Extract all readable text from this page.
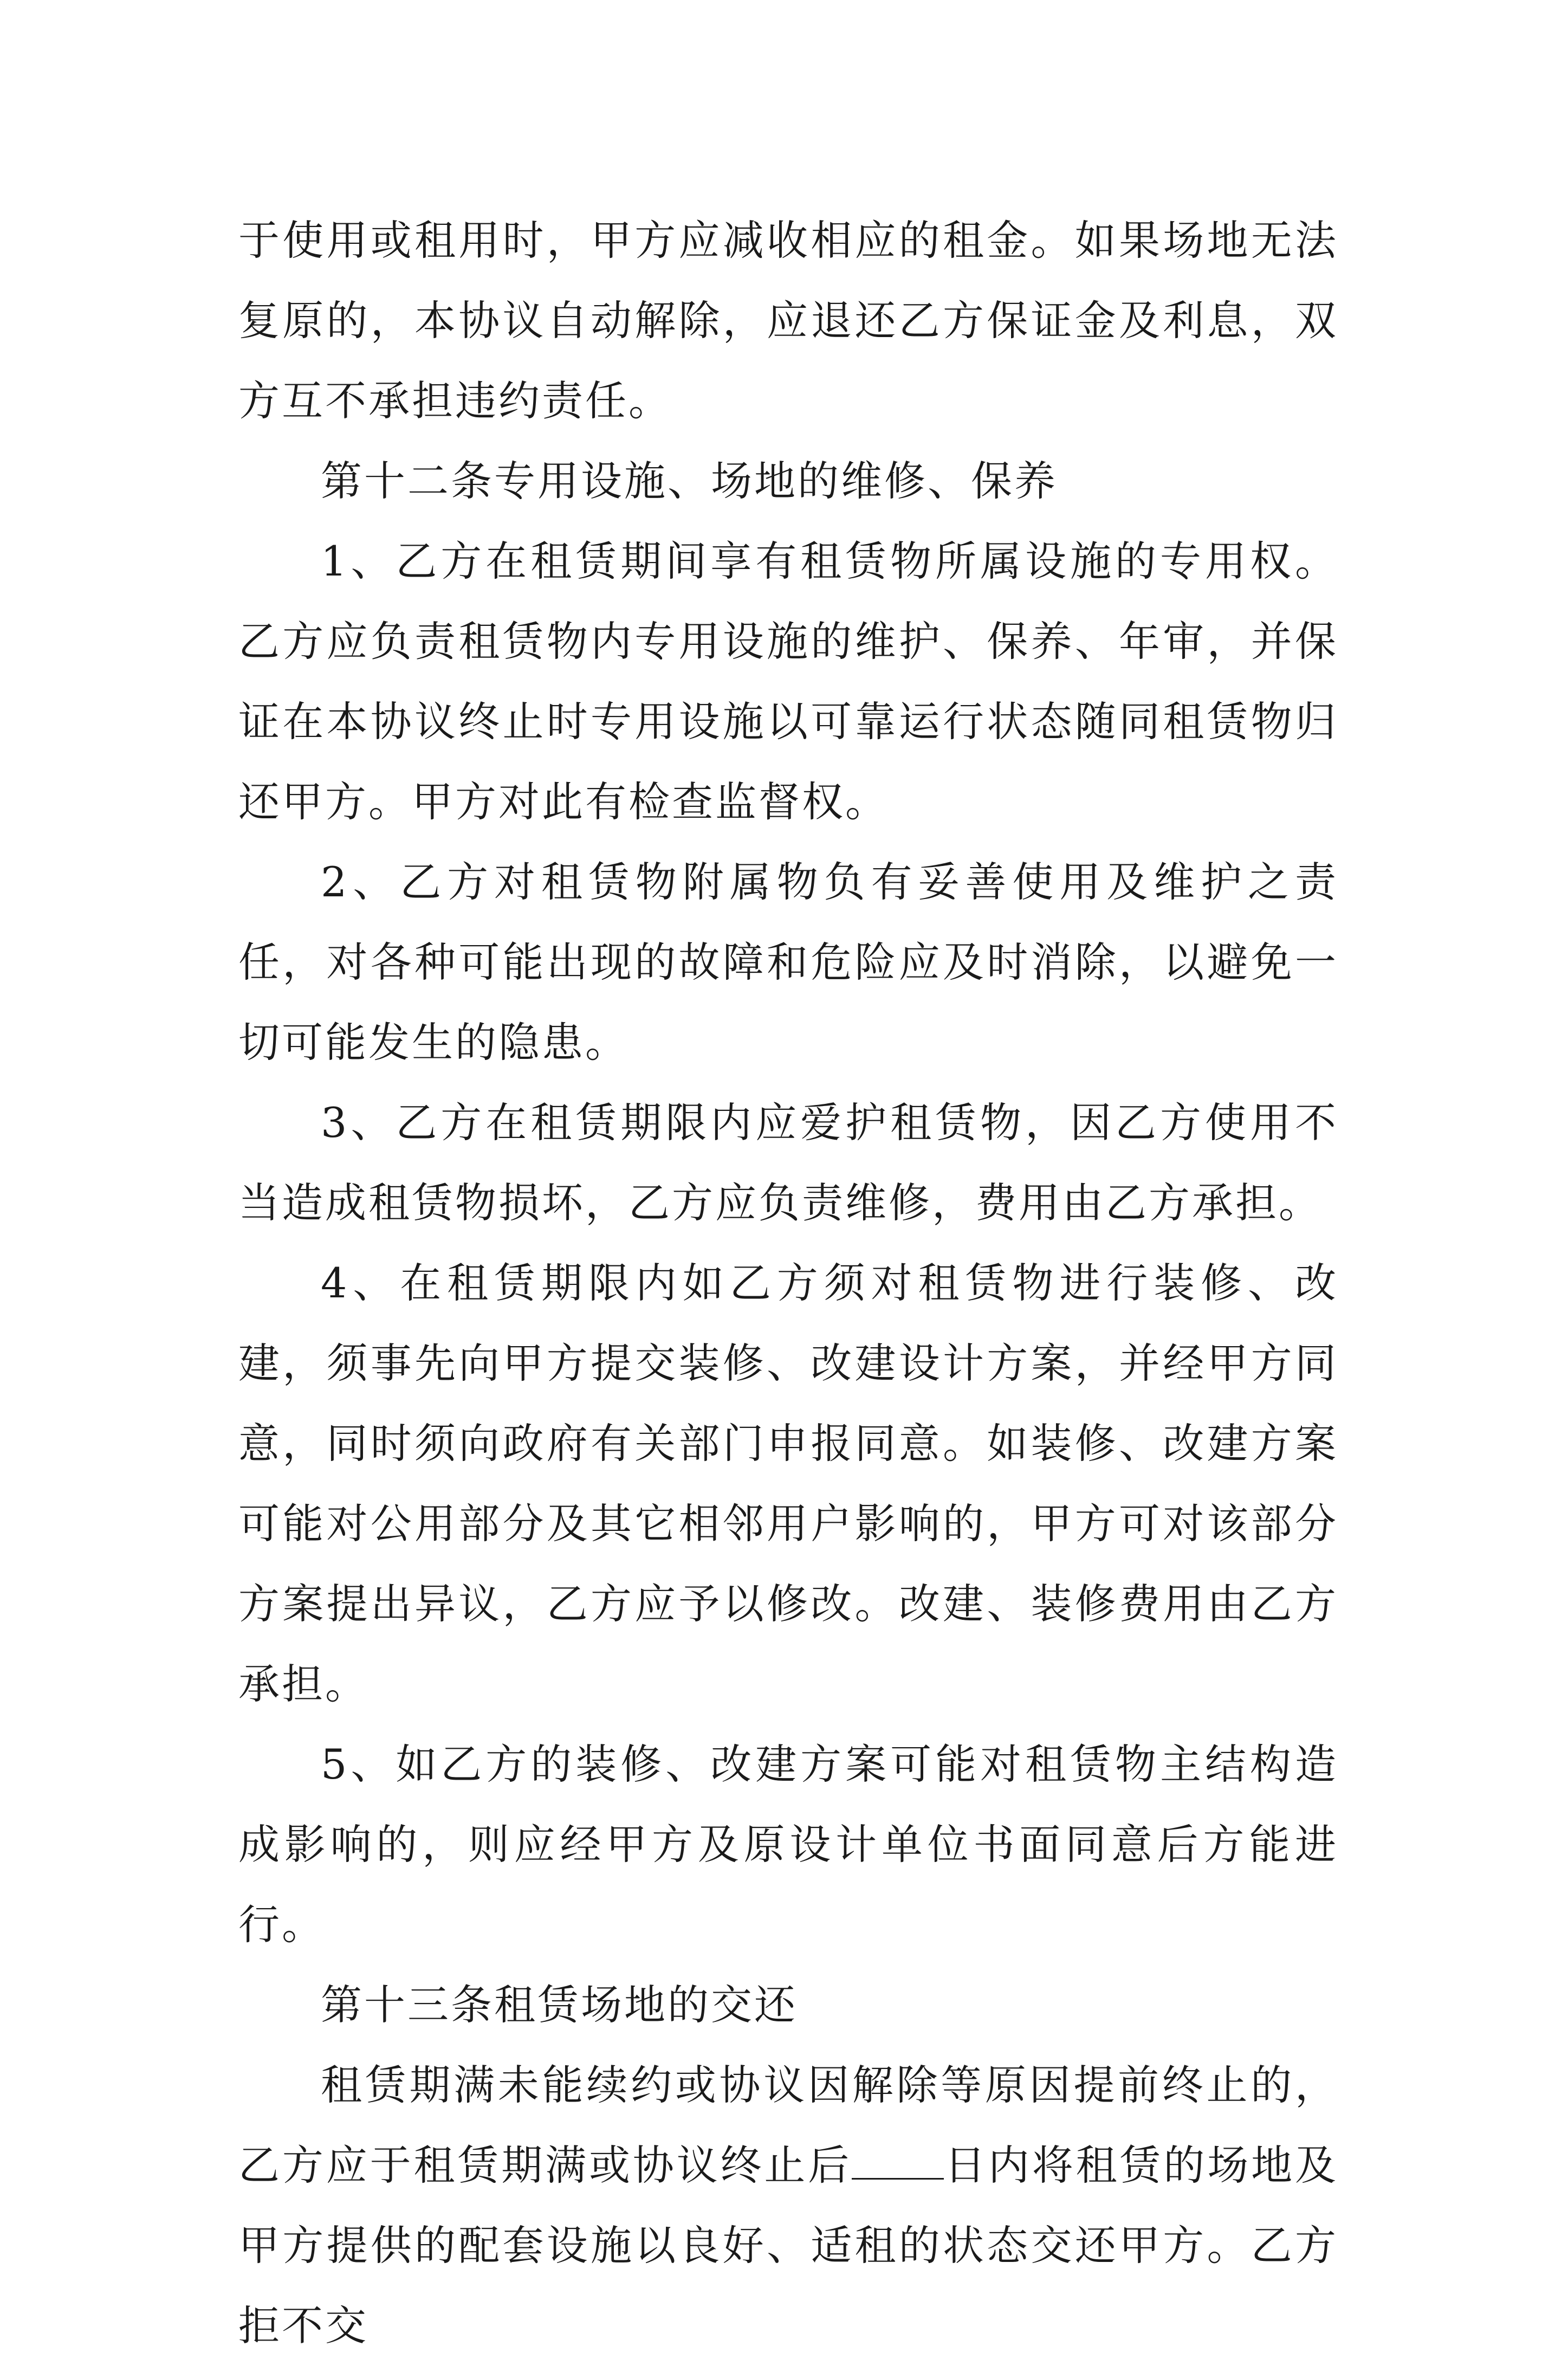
于使用或租用时，甲方应减收相应的租金。如果场地无法复原的，本协议自动解除，应退还乙方保证金及利息，双方互不承担违约责任。

第十二条专用设施、场地的维修、保养

1、乙方在租赁期间享有租赁物所属设施的专用权。乙方应负责租赁物内专用设施的维护、保养、年审，并保证在本协议终止时专用设施以可靠运行状态随同租赁物归还甲方。甲方对此有检查监督权。

2、乙方对租赁物附属物负有妥善使用及维护之责任，对各种可能出现的故障和危险应及时消除，以避免一切可能发生的隐患。

3、乙方在租赁期限内应爱护租赁物，因乙方使用不当造成租赁物损坏，乙方应负责维修，费用由乙方承担。

4、在租赁期限内如乙方须对租赁物进行装修、改建，须事先向甲方提交装修、改建设计方案，并经甲方同意，同时须向政府有关部门申报同意。如装修、改建方案可能对公用部分及其它相邻用户影响的，甲方可对该部分方案提出异议，乙方应予以修改。改建、装修费用由乙方承担。

5、如乙方的装修、改建方案可能对租赁物主结构造成影响的，则应经甲方及原设计单位书面同意后方能进行。

第十三条租赁场地的交还

租赁期满未能续约或协议因解除等原因提前终止的，乙方应于租赁期满或协议终止后 日内将租赁的场地及甲方提供的配套设施以良好、适租的状态交还甲方。乙方拒不交
